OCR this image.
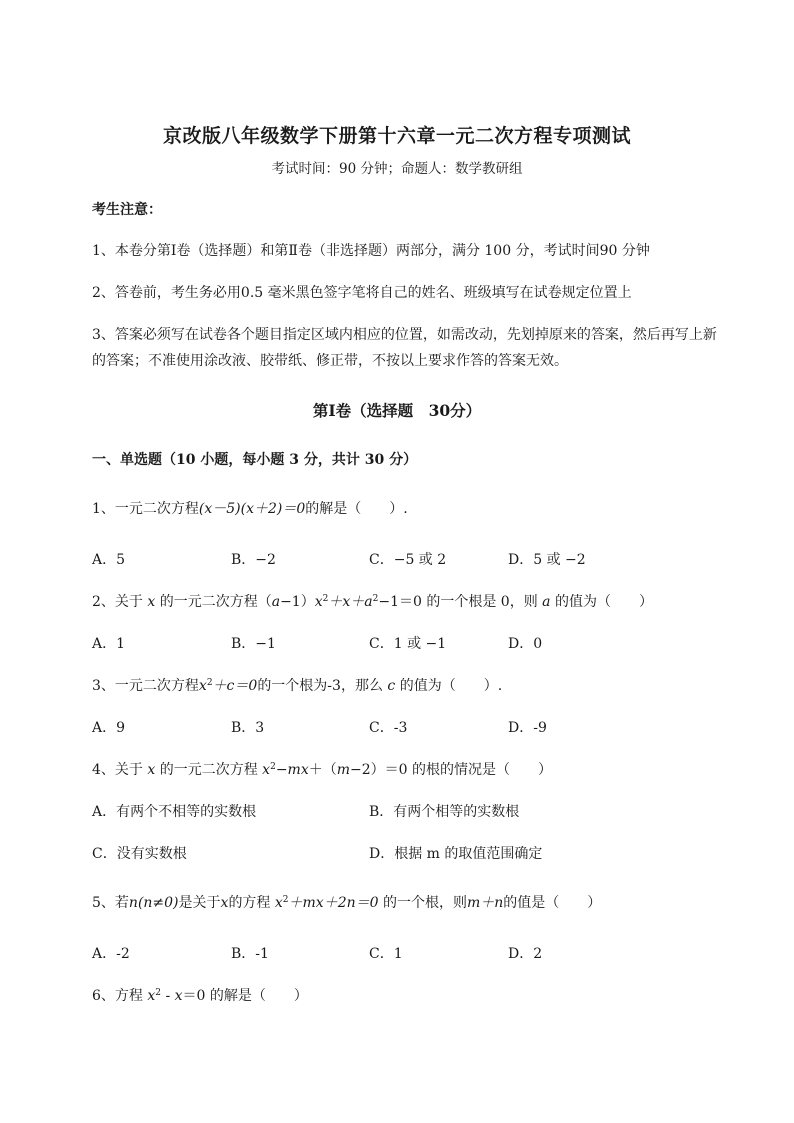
京改版八年级数学下册第十六章一元二次方程专项测试
考试时间：90 分钟；命题人：数学教研组
考生注意：
1、本卷分第Ⅰ卷（选择题）和第Ⅱ卷（非选择题）两部分，满分 100 分，考试时间90 分钟
2、答卷前，考生务必用0.5 毫米黑色签字笔将自己的姓名、班级填写在试卷规定位置上
3、答案必须写在试卷各个题目指定区域内相应的位置，如需改动，先划掉原来的答案，然后再写上新
的答案；不准使用涂改液、胶带纸、修正带，不按以上要求作答的答案无效。
第Ⅰ卷（选择题　30分）
一、单选题（10 小题，每小题 3 分，共计 30 分）
1、一元二次方程(x－5)(x＋2)＝0的解是（　　）.
A．5	B．−2	C．−5 或 2	D．5 或 −2
2、关于 x 的一元二次方程$(a-1)x^2+x+a^2-1=0$ 的一个根是 0，则 a 的值为（　　）
A．1	B．−1	C．1 或 −1	D．0
3、一元二次方程$x^2+c=0$的一个根为-3，那么 c 的值为（　　）.
A．9	B．3	C．-3	D．-9
4、关于 x 的一元二次方程 $x^2-mx+(m-2)=0$ 的根的情况是（　　）
A．有两个不相等的实数根	B．有两个相等的实数根
C．没有实数根	D．根据 m 的取值范围确定
5、若n(n≠0)是关于x的方程 $x^2+mx+2n=0$ 的一个根，则m＋n的值是（　　）
A．-2	B．-1	C．1	D．2
6、方程 $x^2 - x=0$ 的解是（　　）
